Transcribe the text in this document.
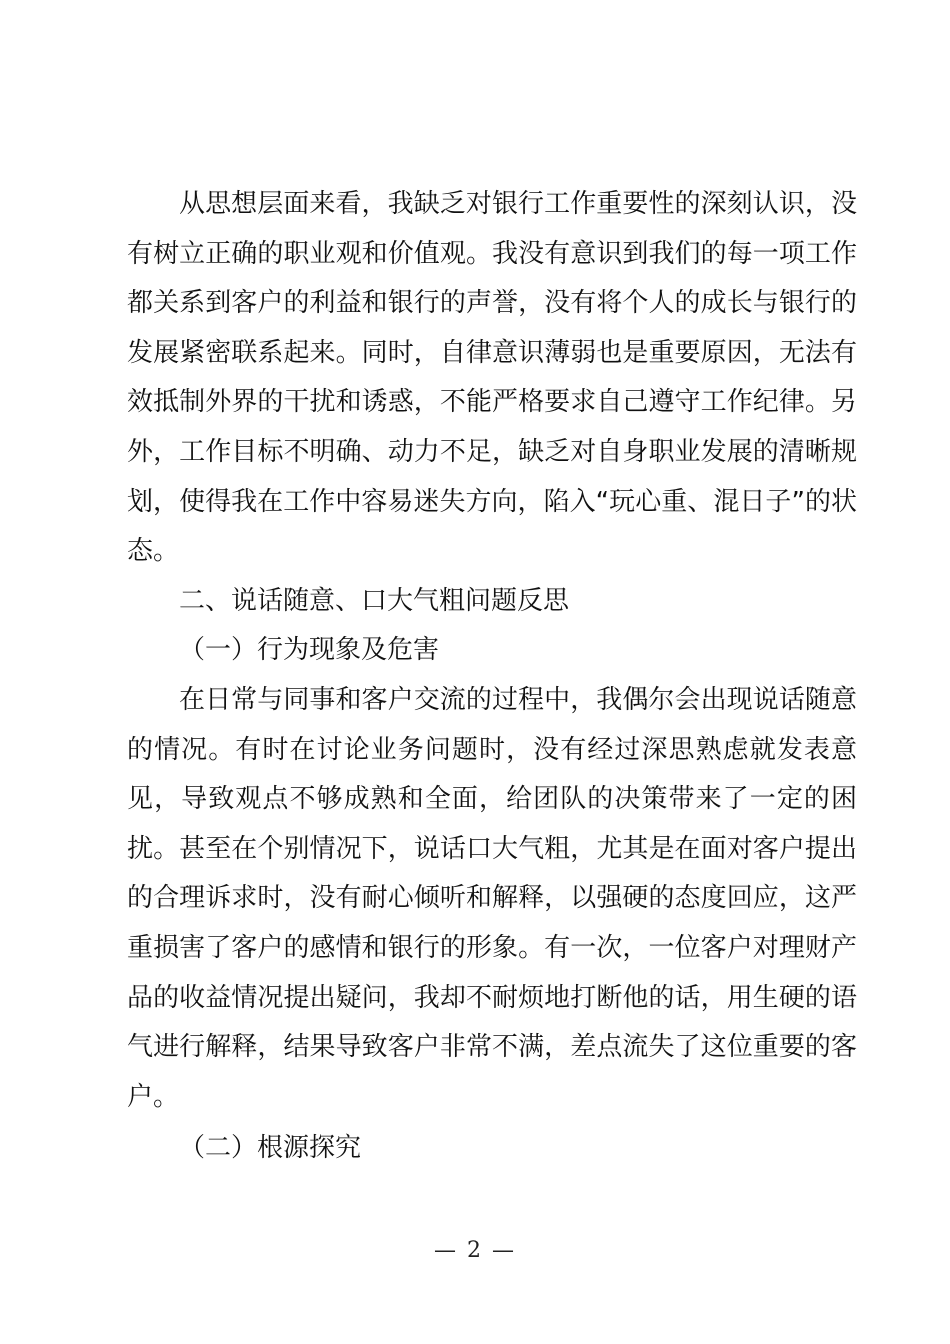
从思想层面来看，我缺乏对银行工作重要性的深刻认识，没有树立正确的职业观和价值观。我没有意识到我们的每一项工作都关系到客户的利益和银行的声誉，没有将个人的成长与银行的发展紧密联系起来。同时，自律意识薄弱也是重要原因，无法有效抵制外界的干扰和诱惑，不能严格要求自己遵守工作纪律。另外，工作目标不明确、动力不足，缺乏对自身职业发展的清晰规划，使得我在工作中容易迷失方向，陷入“玩心重、混日子”的状态。

二、说话随意、口大气粗问题反思

（一）行为现象及危害

在日常与同事和客户交流的过程中，我偶尔会出现说话随意的情况。有时在讨论业务问题时，没有经过深思熟虑就发表意见，导致观点不够成熟和全面，给团队的决策带来了一定的困扰。甚至在个别情况下，说话口大气粗，尤其是在面对客户提出的合理诉求时，没有耐心倾听和解释，以强硬的态度回应，这严重损害了客户的感情和银行的形象。有一次，一位客户对理财产品的收益情况提出疑问，我却不耐烦地打断他的话，用生硬的语气进行解释，结果导致客户非常不满，差点流失了这位重要的客户。

（二）根源探究

— 2 —
